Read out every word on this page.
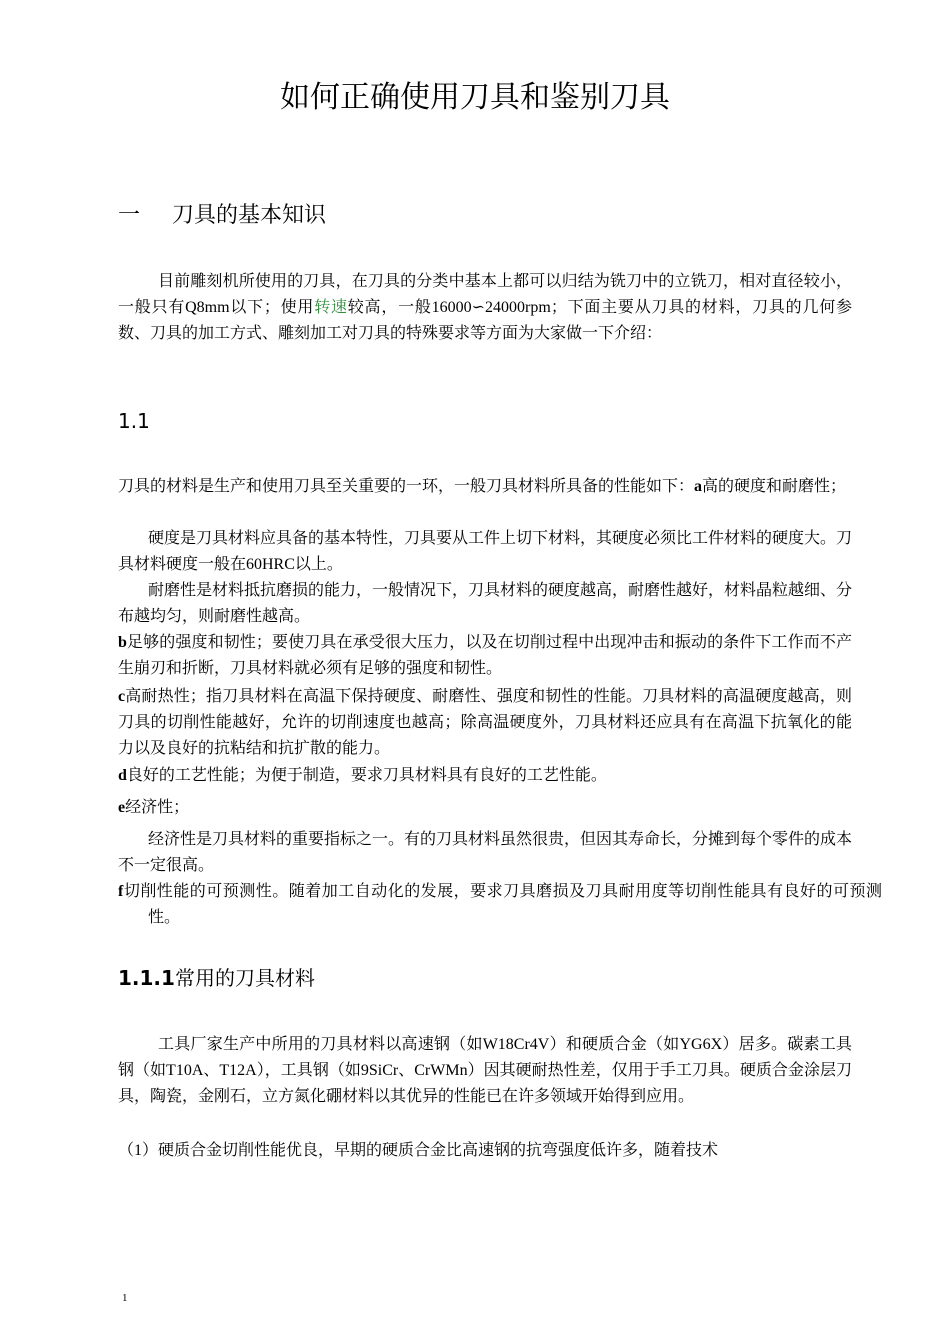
如何正确使用刀具和鉴别刀具
一 刀具的基本知识

目前雕刻机所使用的刀具，在刀具的分类中基本上都可以归结为铣刀中的立铣刀，相对直径较小，一般只有Q8mm以下；使用转速较高，一般16000∽24000rpm；下面主要从刀具的材料，刀具的几何参数、刀具的加工方式、雕刻加工对刀具的特殊要求等方面为大家做一下介绍：

1.1

刀具的材料是生产和使用刀具至关重要的一环，一般刀具材料所具备的性能如下：a高的硬度和耐磨性；

硬度是刀具材料应具备的基本特性，刀具要从工件上切下材料，其硬度必须比工件材料的硬度大。刀具材料硬度一般在60HRC以上。

耐磨性是材料抵抗磨损的能力，一般情况下，刀具材料的硬度越高，耐磨性越好，材料晶粒越细、分布越均匀，则耐磨性越高。

b足够的强度和韧性；要使刀具在承受很大压力，以及在切削过程中出现冲击和振动的条件下工作而不产生崩刃和折断，刀具材料就必须有足够的强度和韧性。

c高耐热性；指刀具材料在高温下保持硬度、耐磨性、强度和韧性的性能。刀具材料的高温硬度越高，则刀具的切削性能越好，允许的切削速度也越高；除高温硬度外，刀具材料还应具有在高温下抗氧化的能力以及良好的抗粘结和抗扩散的能力。

d良好的工艺性能；为便于制造，要求刀具材料具有良好的工艺性能。

e经济性；

经济性是刀具材料的重要指标之一。有的刀具材料虽然很贵，但因其寿命长，分摊到每个零件的成本不一定很高。

f切削性能的可预测性。随着加工自动化的发展，要求刀具磨损及刀具耐用度等切削性能具有良好的可预测性。

1.1.1常用的刀具材料

工具厂家生产中所用的刀具材料以高速钢（如W18Cr4V）和硬质合金（如YG6X）居多。碳素工具钢（如T10A、T12A），工具钢（如9SiCr、CrWMn）因其硬耐热性差，仅用于手工刀具。硬质合金涂层刀具，陶瓷，金刚石，立方氮化硼材料以其优异的性能已在许多领域开始得到应用。

（1）硬质合金切削性能优良，早期的硬质合金比高速钢的抗弯强度低许多，随着技术

1
